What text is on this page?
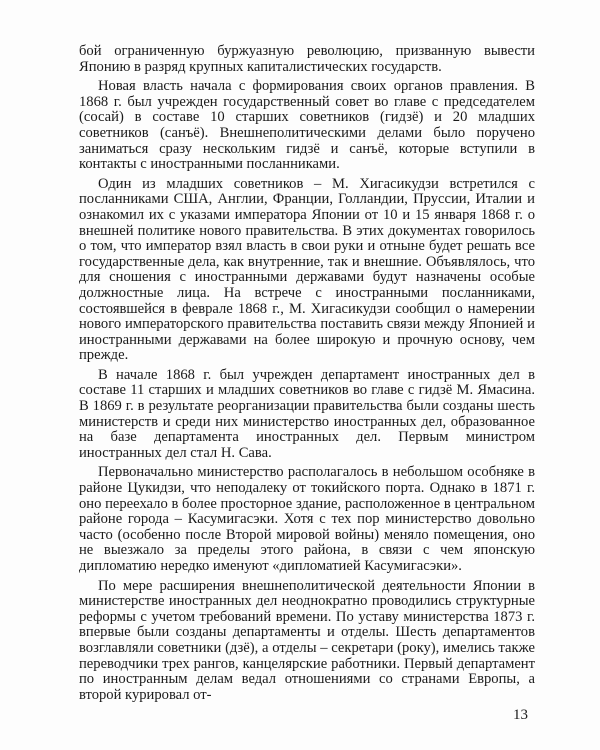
бой ограниченную буржуазную революцию, призванную вывести Японию в разряд крупных капиталистических государств.

Новая власть начала с формирования своих органов правления. В 1868 г. был учрежден государственный совет во главе с председателем (сосай) в составе 10 старших советников (гидзё) и 20 младших советников (санъё). Внешнеполитическими делами было поручено заниматься сразу нескольким гидзё и санъё, которые вступили в контакты с иностранными посланниками.

Один из младших советников – М. Хигасикудзи встретился с посланниками США, Англии, Франции, Голландии, Пруссии, Италии и ознакомил их с указами императора Японии от 10 и 15 января 1868 г. о внешней политике нового правительства. В этих документах говорилось о том, что император взял власть в свои руки и отныне будет решать все государственные дела, как внутренние, так и внешние. Объявлялось, что для сношения с иностранными державами будут назначены особые должностные лица. На встрече с иностранными посланниками, состоявшейся в феврале 1868 г., М. Хигасикудзи сообщил о намерении нового императорского правительства поставить связи между Японией и иностранными державами на более широкую и прочную основу, чем прежде.

В начале 1868 г. был учрежден департамент иностранных дел в составе 11 старших и младших советников во главе с гидзё М. Ямасина. В 1869 г. в результате реорганизации правительства были созданы шесть министерств и среди них министерство иностранных дел, образованное на базе департамента иностранных дел. Первым министром иностранных дел стал Н. Сава.

Первоначально министерство располагалось в небольшом особняке в районе Цукидзи, что неподалеку от токийского порта. Однако в 1871 г. оно переехало в более просторное здание, расположенное в центральном районе города – Касумигасэки. Хотя с тех пор министерство довольно часто (особенно после Второй мировой войны) меняло помещения, оно не выезжало за пределы этого района, в связи с чем японскую дипломатию нередко именуют «дипломатией Касумигасэки».

По мере расширения внешнеполитической деятельности Японии в министерстве иностранных дел неоднократно проводились структурные реформы с учетом требований времени. По уставу министерства 1873 г. впервые были созданы департаменты и отделы. Шесть департаментов возглавляли советники (дзё), а отделы – секретари (року), имелись также переводчики трех рангов, канцелярские работники. Первый департамент по иностранным делам ведал отношениями со странами Европы, а второй курировал от-

13
